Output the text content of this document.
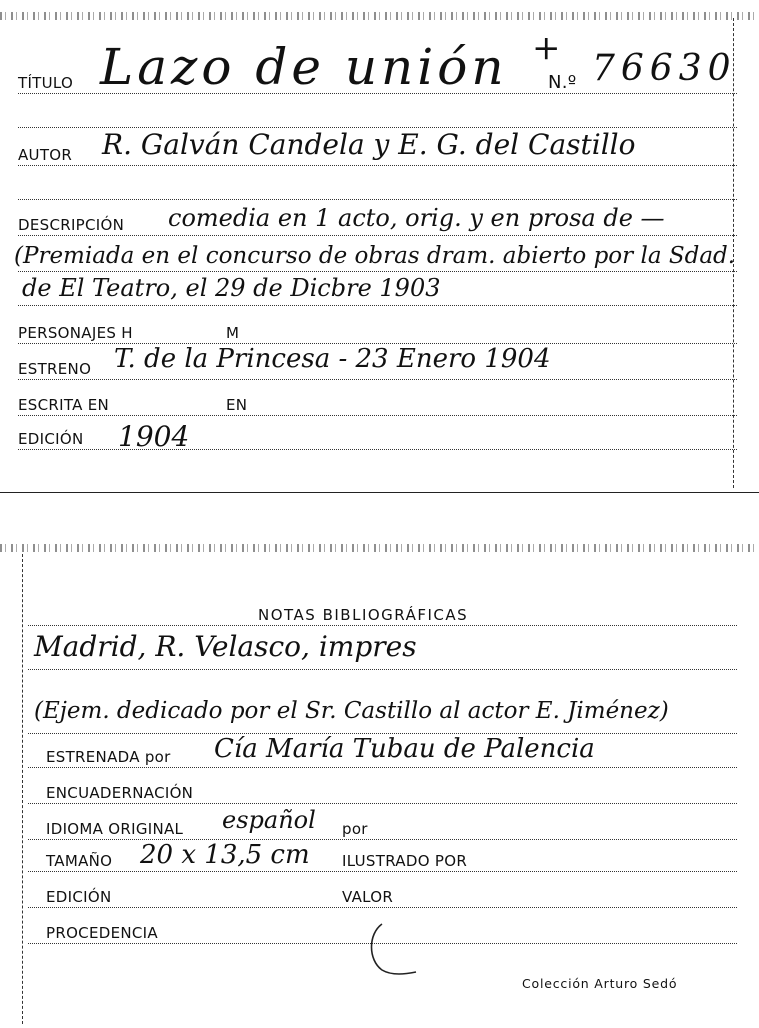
TÍTULO Lazo de unión +
N.º 76630
AUTOR R. Galván Candela y E. G. del Castillo
DESCRIPCIÓN comedia en 1 acto, orig. y en prosa de —
(Premiada en el concurso de obras dram. abierto por la Sdad.
de El Teatro, el 29 de Dicbre 1903
PERSONAJES H	M
ESTRENO T. de la Princesa - 23 Enero 1904
ESCRITA EN	EN
EDICIÓN 1904
NOTAS BIBLIOGRÁFICAS
Madrid, R. Velasco, impres
(Ejem. dedicado por el Sr. Castillo al actor E. Jiménez)
ESTRENADA por Cía María Tubau de Palencia
ENCUADERNACIÓN
IDIOMA ORIGINAL español por
TAMAÑO 20 x 13,5 cm ILUSTRADO POR
EDICIÓN	VALOR
PROCEDENCIA
Colección Arturo Sedó
